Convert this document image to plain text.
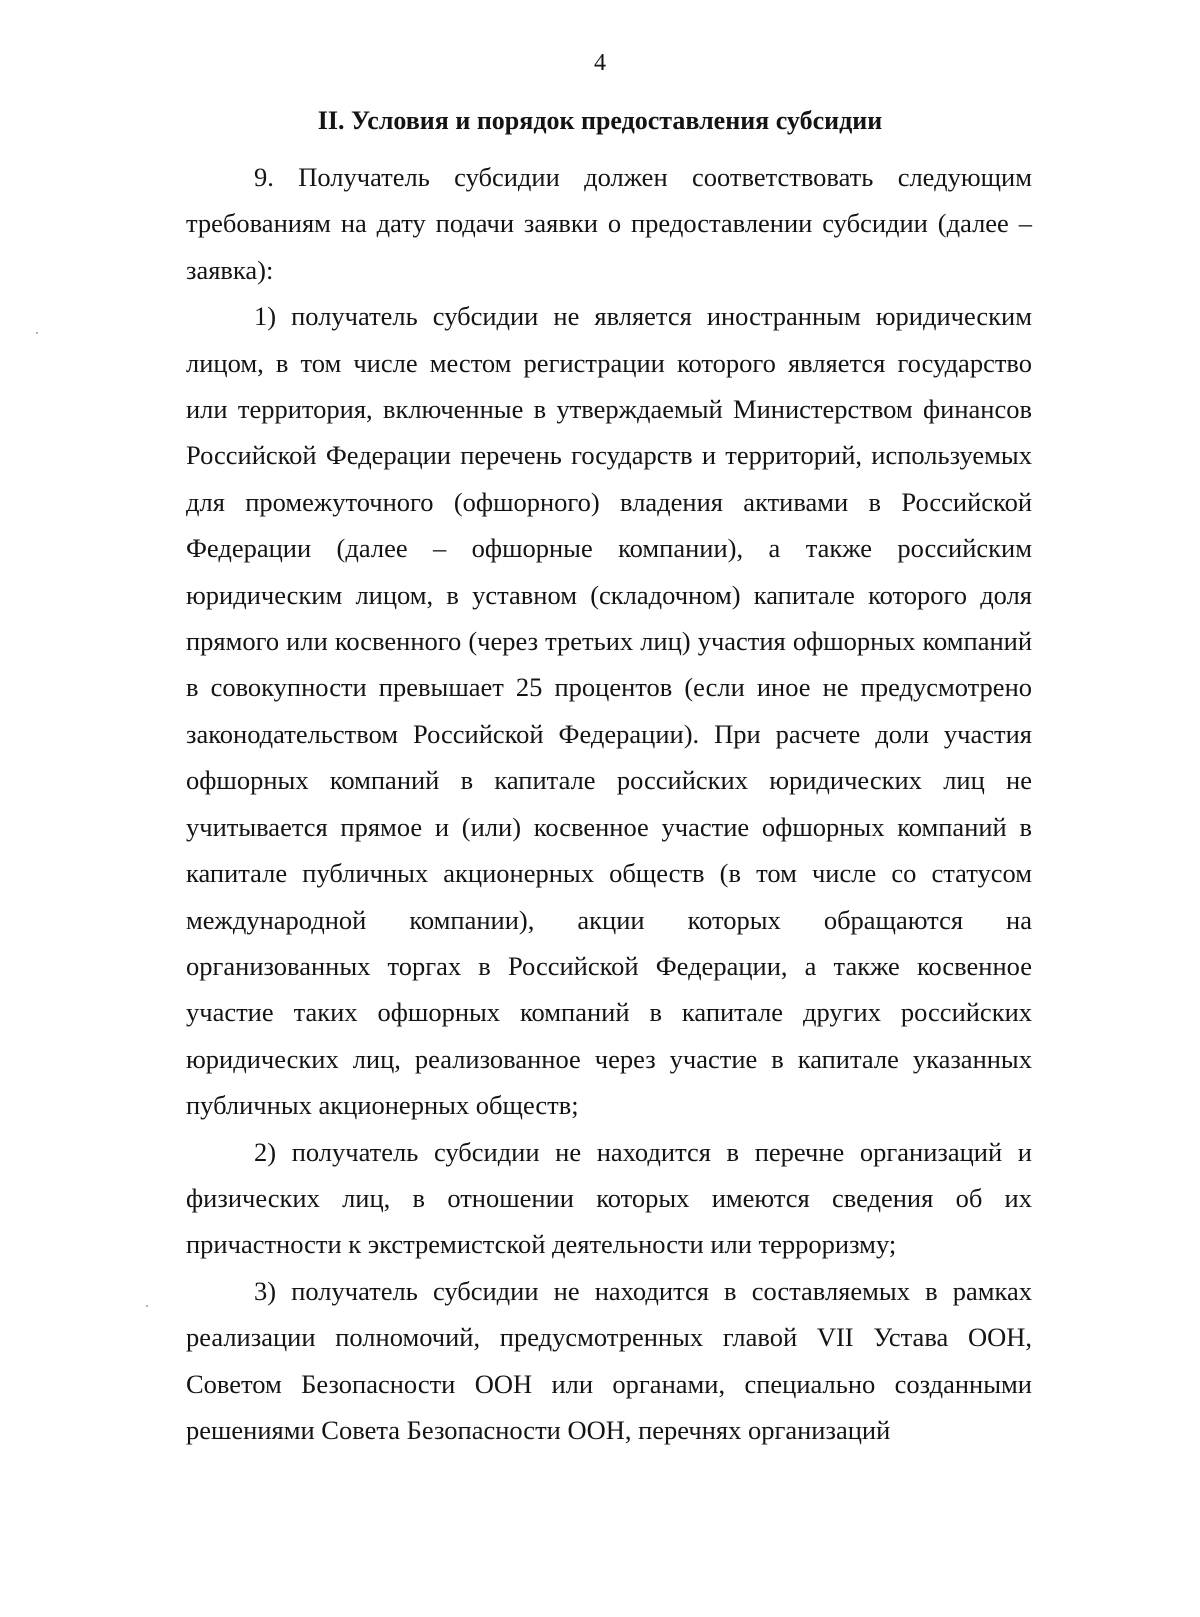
4
II. Условия и порядок предоставления субсидии

9. Получатель субсидии должен соответствовать следующим требованиям на дату подачи заявки о предоставлении субсидии (далее – заявка):

1) получатель субсидии не является иностранным юридическим лицом, в том числе местом регистрации которого является государство или территория, включенные в утверждаемый Министерством финансов Российской Федерации перечень государств и территорий, используемых для промежуточного (офшорного) владения активами в Российской Федерации (далее – офшорные компании), а также российским юридическим лицом, в уставном (складочном) капитале которого доля прямого или косвенного (через третьих лиц) участия офшорных компаний в совокупности превышает 25 процентов (если иное не предусмотрено законодательством Российской Федерации). При расчете доли участия офшорных компаний в капитале российских юридических лиц не учитывается прямое и (или) косвенное участие офшорных компаний в капитале публичных акционерных обществ (в том числе со статусом международной компании), акции которых обращаются на организованных торгах в Российской Федерации, а также косвенное участие таких офшорных компаний в капитале других российских юридических лиц, реализованное через участие в капитале указанных публичных акционерных обществ;

2) получатель субсидии не находится в перечне организаций и физических лиц, в отношении которых имеются сведения об их причастности к экстремистской деятельности или терроризму;

3) получатель субсидии не находится в составляемых в рамках реализации полномочий, предусмотренных главой VII Устава ООН, Советом Безопасности ООН или органами, специально созданными решениями Совета Безопасности ООН, перечнях организаций
